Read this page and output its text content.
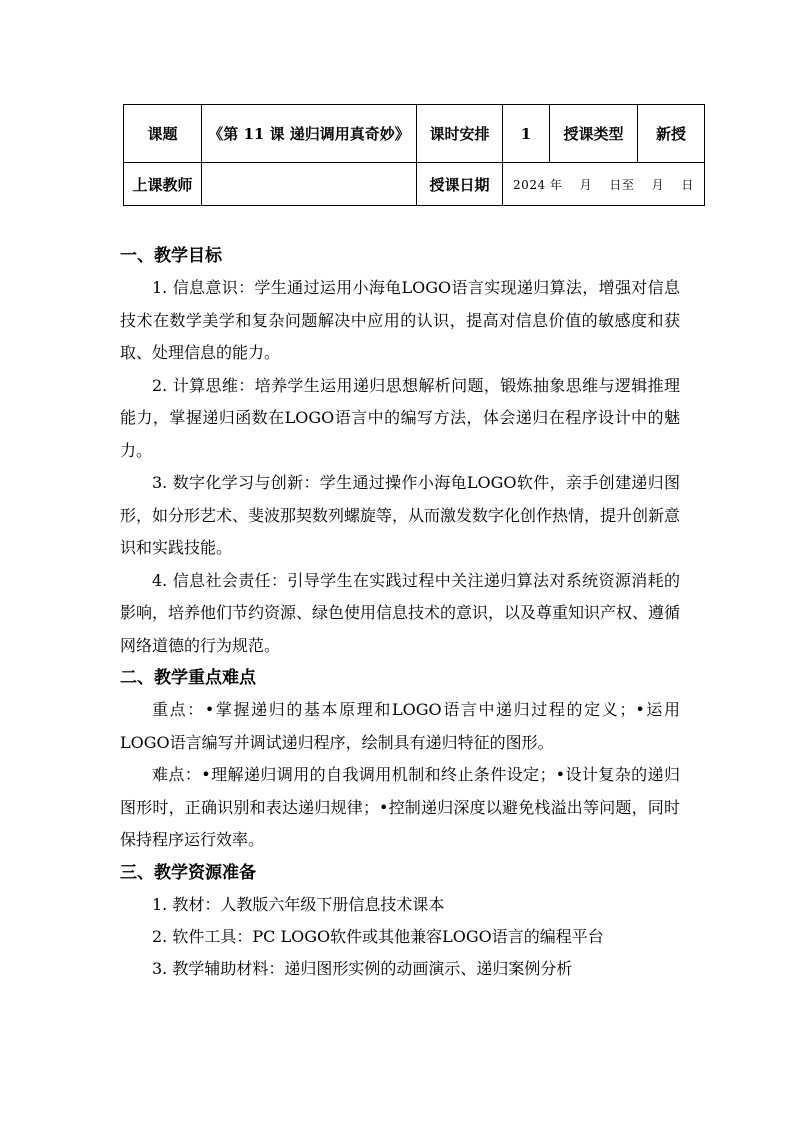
课题	《第 11 课 递归调用真奇妙》	课时安排	1	授课类型	新授
上课教师		授课日期	2024 年    月    日至    月    日		
一、教学目标

1. 信息意识：学生通过运用小海龟LOGO语言实现递归算法，增强对信息技术在数学美学和复杂问题解决中应用的认识，提高对信息价值的敏感度和获取、处理信息的能力。

2. 计算思维：培养学生运用递归思想解析问题，锻炼抽象思维与逻辑推理能力，掌握递归函数在LOGO语言中的编写方法，体会递归在程序设计中的魅力。

3. 数字化学习与创新：学生通过操作小海龟LOGO软件，亲手创建递归图形，如分形艺术、斐波那契数列螺旋等，从而激发数字化创作热情，提升创新意识和实践技能。

4. 信息社会责任：引导学生在实践过程中关注递归算法对系统资源消耗的影响，培养他们节约资源、绿色使用信息技术的意识，以及尊重知识产权、遵循网络道德的行为规范。

二、教学重点难点

重点：•掌握递归的基本原理和LOGO语言中递归过程的定义；•运用 LOGO语言编写并调试递归程序，绘制具有递归特征的图形。

难点：•理解递归调用的自我调用机制和终止条件设定；•设计复杂的递归图形时，正确识别和表达递归规律；•控制递归深度以避免栈溢出等问题，同时保持程序运行效率。

三、教学资源准备

1. 教材：人教版六年级下册信息技术课本

2. 软件工具：PC LOGO软件或其他兼容LOGO语言的编程平台

3. 教学辅助材料：递归图形实例的动画演示、递归案例分析
